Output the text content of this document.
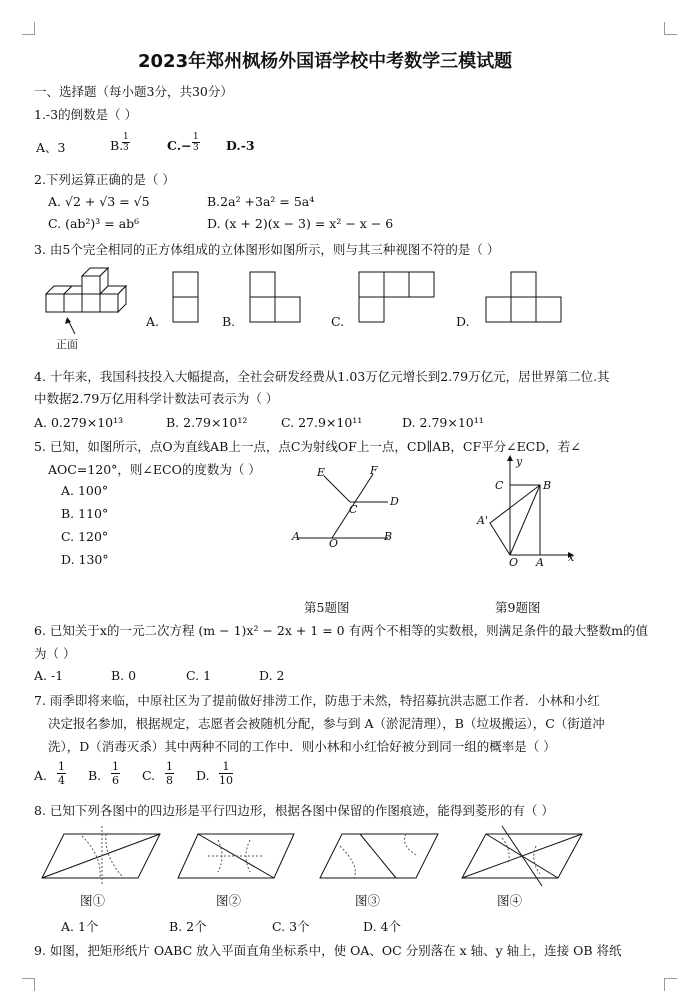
2023年郑州枫杨外国语学校中考数学三模试题
一、选择题（每小题3分，共30分）
1.-3的倒数是（ ）
A、3	B.
1
3	C.−
1
3 D.-3
2.下列运算正确的是（ ）
A. √2 + √3 = √5	B.2a² +3a² = 5a⁴
C. (ab²)³ = ab⁶	D. (x + 2)(x − 3) = x² − x − 6
3. 由5个完全相同的正方体组成的立体图形如图所示，则与其三种视图不符的是（ ）
正面
A.	B.	C.	D.
4. 十年来，我国科技投入大幅提高，全社会研发经费从1.03万亿元增长到2.79万亿元，居世界第二位.其
中数据2.79万亿用科学计数法可表示为（ ）
A. 0.279×10¹³	B. 2.79×10¹²	C. 27.9×10¹¹	D. 2.79×10¹¹
5. 已知，如图所示，点O为直线AB上一点，点C为射线OF上一点，CD∥AB，CF平分∠ECD，若∠
AOC=120°，则∠ECO的度数为（ ）
A. 100°
B. 110°
C. 120°
D. 130°
E	F
D
C
A
O
B
第5题图
y
C	B
A'
O A x
第9题图
6. 已知关于x的一元二次方程 (m − 1)x² − 2x + 1 = 0 有两个不相等的实数根，则满足条件的最大整数m的值
为（ ）
A. -1	B. 0	C. 1	D. 2
7. 雨季即将来临，中原社区为了提前做好排涝工作，防患于未然，特招募抗洪志愿工作者．小林和小红
决定报名参加，根据规定，志愿者会被随机分配，参与到 A（淤泥清理），B（垃圾搬运），C（街道冲
洗），D（消毒灭杀）其中两种不同的工作中．则小林和小红恰好被分到同一组的概率是（ ）
A.
1
4 B.
1
6 C.
1
8 D.
1
10
8. 已知下列各图中的四边形是平行四边形，根据各图中保留的作图痕迹，能得到菱形的有（ ）
图①	图②	图③	图④
A. 1个	B. 2个	C. 3个	D. 4个
9. 如图，把矩形纸片 OABC 放入平面直角坐标系中，使 OA、OC 分别落在 x 轴、y 轴上，连接 OB 将纸
